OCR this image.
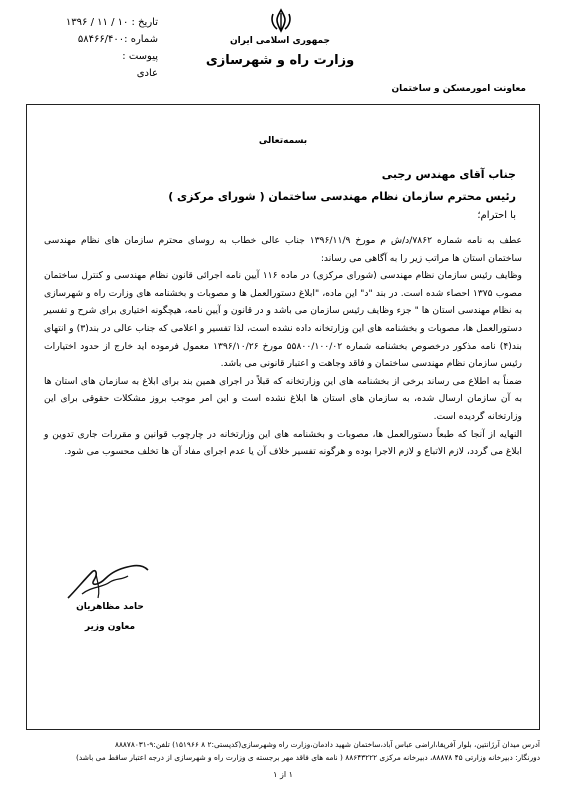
جمهوری اسلامی ایران
وزارت راه و شهرسازی
معاونت امورمسکن و ساختمان
تاریخ : ۱۰ / ۱۱ / ۱۳۹۶
شماره :۵۸۴۶۶/۴۰۰
پیوست :
عادی
بسمه‌تعالی
جناب آقای مهندس رجبی
رئیس محترم سازمان نظام مهندسی ساختمان ( شورای مرکزی )
با احترام؛

عطف به نامه شماره ۷۸۶۲/د/ش م مورخ ۱۳۹۶/۱۱/۹ جناب عالی خطاب به روسای محترم سازمان های نظام مهندسی ساختمان استان ها مراتب زیر را به آگاهی می رساند:

وظایف رئیس سازمان نظام مهندسی (شورای مرکزی) در ماده ۱۱۶ آیین نامه اجرائی قانون نظام مهندسی و کنترل ساختمان مصوب ۱۳۷۵ احصاء شده است. در بند "د" این ماده، "ابلاغ دستورالعمل ها و مصوبات و بخشنامه های وزارت راه و شهرسازی به نظام مهندسی استان ها " جزء وظایف رئیس سازمان می باشد و در قانون و آیین نامه، هیچگونه اختیاری برای شرح و تفسیر دستورالعمل ها، مصوبات و بخشنامه های این وزارتخانه داده نشده است، لذا تفسیر و اعلامی که جناب عالی در بند(۳) و انتهای بند(۴) نامه مذکور درخصوص بخشنامه شماره ۵۵۸۰۰/۱۰۰/۰۲ مورخ ۱۳۹۶/۱۰/۲۶ معمول فرموده اید خارج از حدود اختیارات رئیس سازمان نظام مهندسی ساختمان و فاقد وجاهت و اعتبار قانونی می باشد.

ضمناً به اطلاع می رساند برخی از بخشنامه های این وزارتخانه که قبلاً در اجرای همین بند برای ابلاغ به سازمان های استان ها به آن سازمان ارسال شده، به سازمان های استان ها ابلاغ نشده است و این امر موجب بروز مشکلات حقوقی برای این وزارتخانه گردیده است.

النهایه از آنجا که طبعاً دستورالعمل ها، مصوبات و بخشنامه های این وزارتخانه در چارچوب قوانین و مقررات جاری تدوین و ابلاغ می گردد، لازم الاتباع و لازم الاجرا بوده و هرگونه تفسیر خلاف آن یا عدم اجرای مفاد آن ها تخلف محسوب می شود.

حامد مظاهریان
معاون وزیر
آدرس میدان آرژانتین، بلوار آفریقا،اراضی عباس آباد،ساختمان شهید دادمان،وزارت راه وشهرسازی(کدپستی:۲ ۸ ۱۵۱۹۶۶) تلفن:۹-۸۸۸۷۸۰۳۱
دورنگار: دبیرخانه وزارتی ۴۵ ۸۸۸۷۸، دبیرخانه مرکزی ۸۸۶۴۳۲۲۲ ( نامه های فاقد مهر برجسته ی وزارت راه و شهرسازی از درجه اعتبار ساقط می باشد)
۱ از ۱
